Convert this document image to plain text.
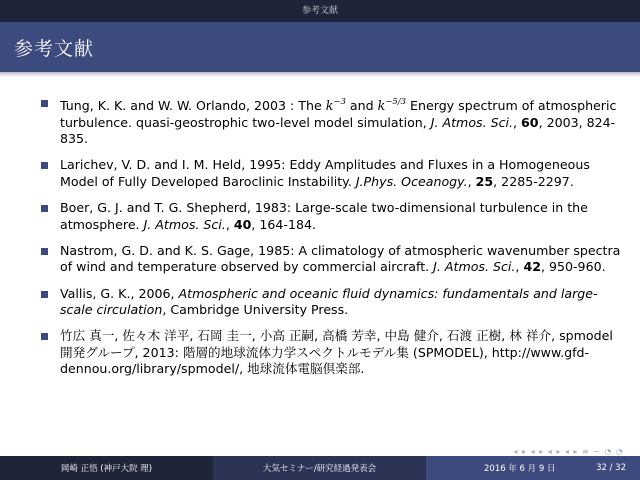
参考文献
参考文献
Tung, K. K. and W. W. Orlando, 2003 : The $k^{-3}$ and $k^{-5/3}$ Energy spectrum of atmospheric turbulence. quasi-geostrophic two-level model simulation, J. Atmos. Sci., 60, 2003, 824-835.
Larichev, V. D. and I. M. Held, 1995: Eddy Amplitudes and Fluxes in a Homogeneous Model of Fully Developed Baroclinic Instability. J.Phys. Oceanogy., 25, 2285-2297.
Boer, G. J. and T. G. Shepherd, 1983: Large-scale two-dimensional turbulence in the atmosphere. J. Atmos. Sci., 40, 164-184.
Nastrom, G. D. and K. S. Gage, 1985: A climatology of atmospheric wavenumber spectra of wind and temperature observed by commercial aircraft. J. Atmos. Sci., 42, 950-960.
Vallis, G. K., 2006, Atmospheric and oceanic fluid dynamics: fundamentals and large-scale circulation, Cambridge University Press.
竹広 真一, 佐々木 洋平, 石岡 圭一, 小高 正嗣, 高橋 芳幸, 中島 健介, 石渡 正樹, 林 祥介, spmodel 開発グループ, 2013: 階層的地球流体力学スペクトルモデル集 (SPMODEL), http://www.gfd-dennou.org/library/spmodel/, 地球流体電脳倶楽部.
◂ ▸ ◂ ▸ ◂ ▸ ◂ ▸ ≡ ∽ ◔ ◔
岡崎 正悟 (神戸大院 理)	大気セミナー/研究経過発表会	2016 年 6 月 9 日	32 / 32
